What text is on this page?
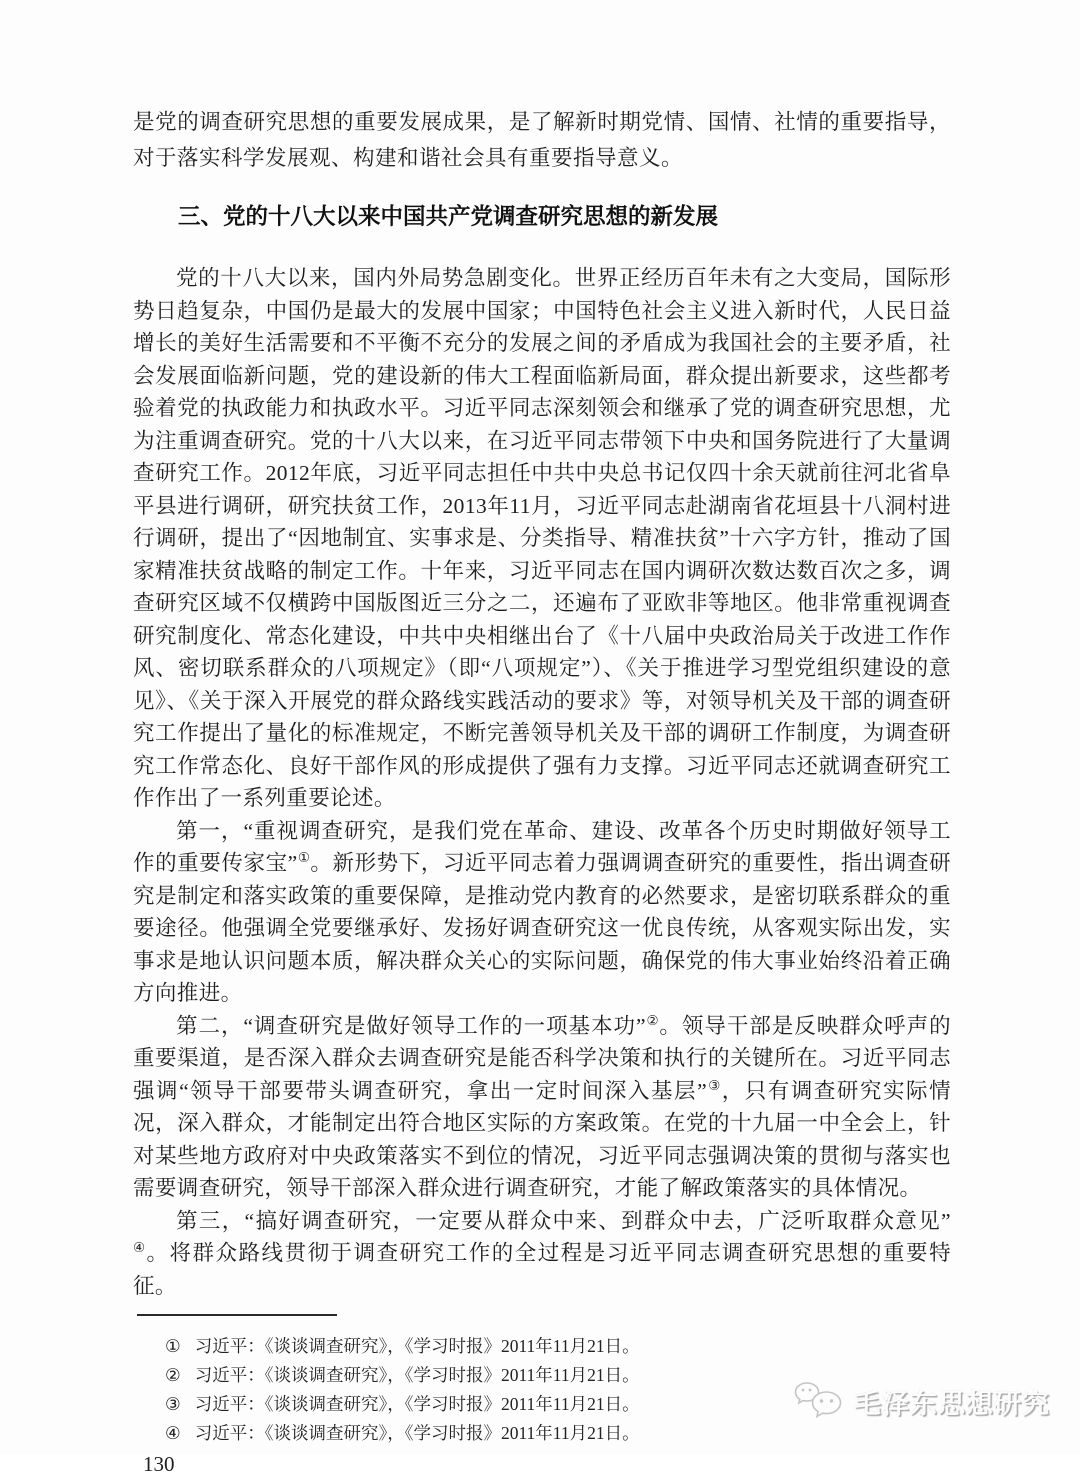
是党的调查研究思想的重要发展成果，是了解新时期党情、国情、社情的重要指导，对于落实科学发展观、构建和谐社会具有重要指导意义。

三、党的十八大以来中国共产党调查研究思想的新发展

党的十八大以来，国内外局势急剧变化。世界正经历百年未有之大变局，国际形势日趋复杂，中国仍是最大的发展中国家；中国特色社会主义进入新时代，人民日益增长的美好生活需要和不平衡不充分的发展之间的矛盾成为我国社会的主要矛盾，社会发展面临新问题，党的建设新的伟大工程面临新局面，群众提出新要求，这些都考验着党的执政能力和执政水平。习近平同志深刻领会和继承了党的调查研究思想，尤为注重调查研究。党的十八大以来，在习近平同志带领下中央和国务院进行了大量调查研究工作。2012年底，习近平同志担任中共中央总书记仅四十余天就前往河北省阜平县进行调研，研究扶贫工作，2013年11月，习近平同志赴湖南省花垣县十八洞村进行调研，提出了“因地制宜、实事求是、分类指导、精准扶贫”十六字方针，推动了国家精准扶贫战略的制定工作。十年来，习近平同志在国内调研次数达数百次之多，调查研究区域不仅横跨中国版图近三分之二，还遍布了亚欧非等地区。他非常重视调查研究制度化、常态化建设，中共中央相继出台了《十八届中央政治局关于改进工作作风、密切联系群众的八项规定》（即“八项规定”）、《关于推进学习型党组织建设的意见》、《关于深入开展党的群众路线实践活动的要求》等，对领导机关及干部的调查研究工作提出了量化的标准规定，不断完善领导机关及干部的调研工作制度，为调查研究工作常态化、良好干部作风的形成提供了强有力支撑。习近平同志还就调查研究工作作出了一系列重要论述。

第一，“重视调查研究，是我们党在革命、建设、改革各个历史时期做好领导工作的重要传家宝”①。新形势下，习近平同志着力强调调查研究的重要性，指出调查研究是制定和落实政策的重要保障，是推动党内教育的必然要求，是密切联系群众的重要途径。他强调全党要继承好、发扬好调查研究这一优良传统，从客观实际出发，实事求是地认识问题本质，解决群众关心的实际问题，确保党的伟大事业始终沿着正确方向推进。

第二，“调查研究是做好领导工作的一项基本功”②。领导干部是反映群众呼声的重要渠道，是否深入群众去调查研究是能否科学决策和执行的关键所在。习近平同志强调“领导干部要带头调查研究，拿出一定时间深入基层”③，只有调查研究实际情况，深入群众，才能制定出符合地区实际的方案政策。在党的十九届一中全会上，针对某些地方政府对中央政策落实不到位的情况，习近平同志强调决策的贯彻与落实也需要调查研究，领导干部深入群众进行调查研究，才能了解政策落实的具体情况。

第三，“搞好调查研究，一定要从群众中来、到群众中去，广泛听取群众意见”④。将群众路线贯彻于调查研究工作的全过程是习近平同志调查研究思想的重要特征。

① 习近平：《谈谈调查研究》，《学习时报》2011年11月21日。
② 习近平：《谈谈调查研究》，《学习时报》2011年11月21日。
③ 习近平：《谈谈调查研究》，《学习时报》2011年11月21日。
④ 习近平：《谈谈调查研究》，《学习时报》2011年11月21日。
130
毛泽东思想研究
